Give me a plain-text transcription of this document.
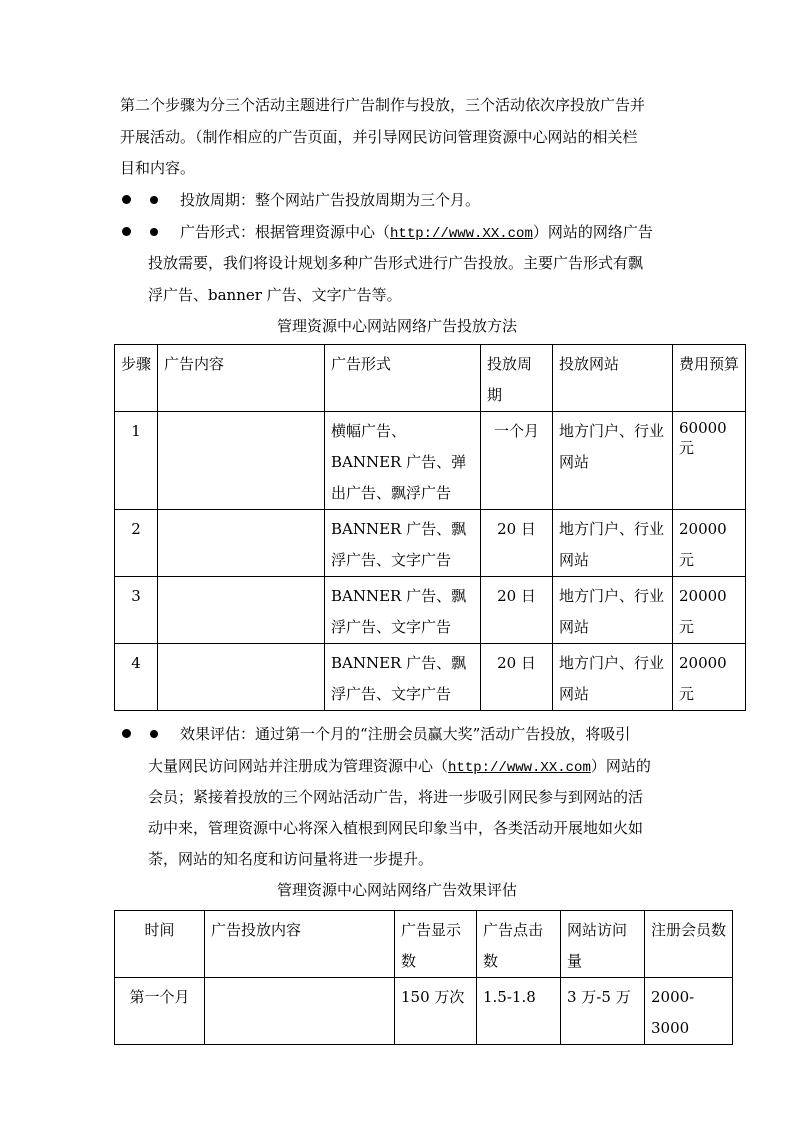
第二个步骤为分三个活动主题进行广告制作与投放，三个活动依次序投放广告并
开展活动。（制作相应的广告页面，并引导网民访问管理资源中心网站的相关栏
目和内容。
投放周期：整个网站广告投放周期为三个月。
广告形式：根据管理资源中心（http://www.XX.com）网站的网络广告
投放需要，我们将设计规划多种广告形式进行广告投放。主要广告形式有飘
浮广告、banner 广告、文字广告等。
管理资源中心网站网络广告投放方法
步骤	广告内容	广告形式	投放周期	投放网站	费用预算
1		横幅广告、BANNER 广告、弹出广告、飘浮广告	一个月	地方门户、行业网站	60000 元

2		BANNER 广告、飘浮广告、文字广告	20 日	地方门户、行业网站	20000 元
3		BANNER 广告、飘浮广告、文字广告	20 日	地方门户、行业网站	20000 元
4		BANNER 广告、飘浮广告、文字广告	20 日	地方门户、行业网站	20000 元
效果评估：通过第一个月的“注册会员赢大奖”活动广告投放，将吸引
大量网民访问网站并注册成为管理资源中心（http://www.XX.com）网站的
会员；紧接着投放的三个网站活动广告，将进一步吸引网民参与到网站的活
动中来，管理资源中心将深入植根到网民印象当中，各类活动开展地如火如
荼，网站的知名度和访问量将进一步提升。
管理资源中心网站网络广告效果评估
时间	广告投放内容	广告显示数	广告点击数	网站访问量	注册会员数
第一个月		150 万次	1.5-1.8	3 万-5 万	2000-3000
